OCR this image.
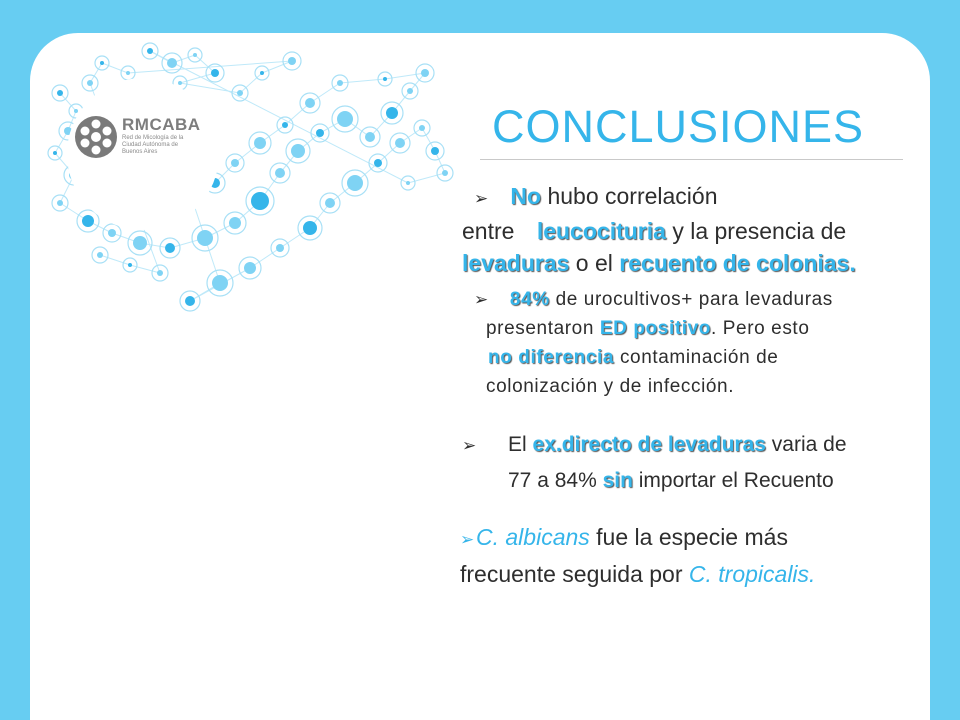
RMCABA
Red de Micología de la Ciudad Autónoma de Buenos Aires	CONCLUSIONES
➢ No hubo correlación
entre leucocituria y la presencia de
levaduras o el recuento de colonias.
➢ 84% de urocultivos+ para levaduras
presentaron ED positivo. Pero esto
no diferencia contaminación de
colonización y de infección.
➢ El ex.directo de levaduras varia de
77 a 84% sin importar el Recuento
➢C. albicans fue la especie más
frecuente seguida por C. tropicalis.
